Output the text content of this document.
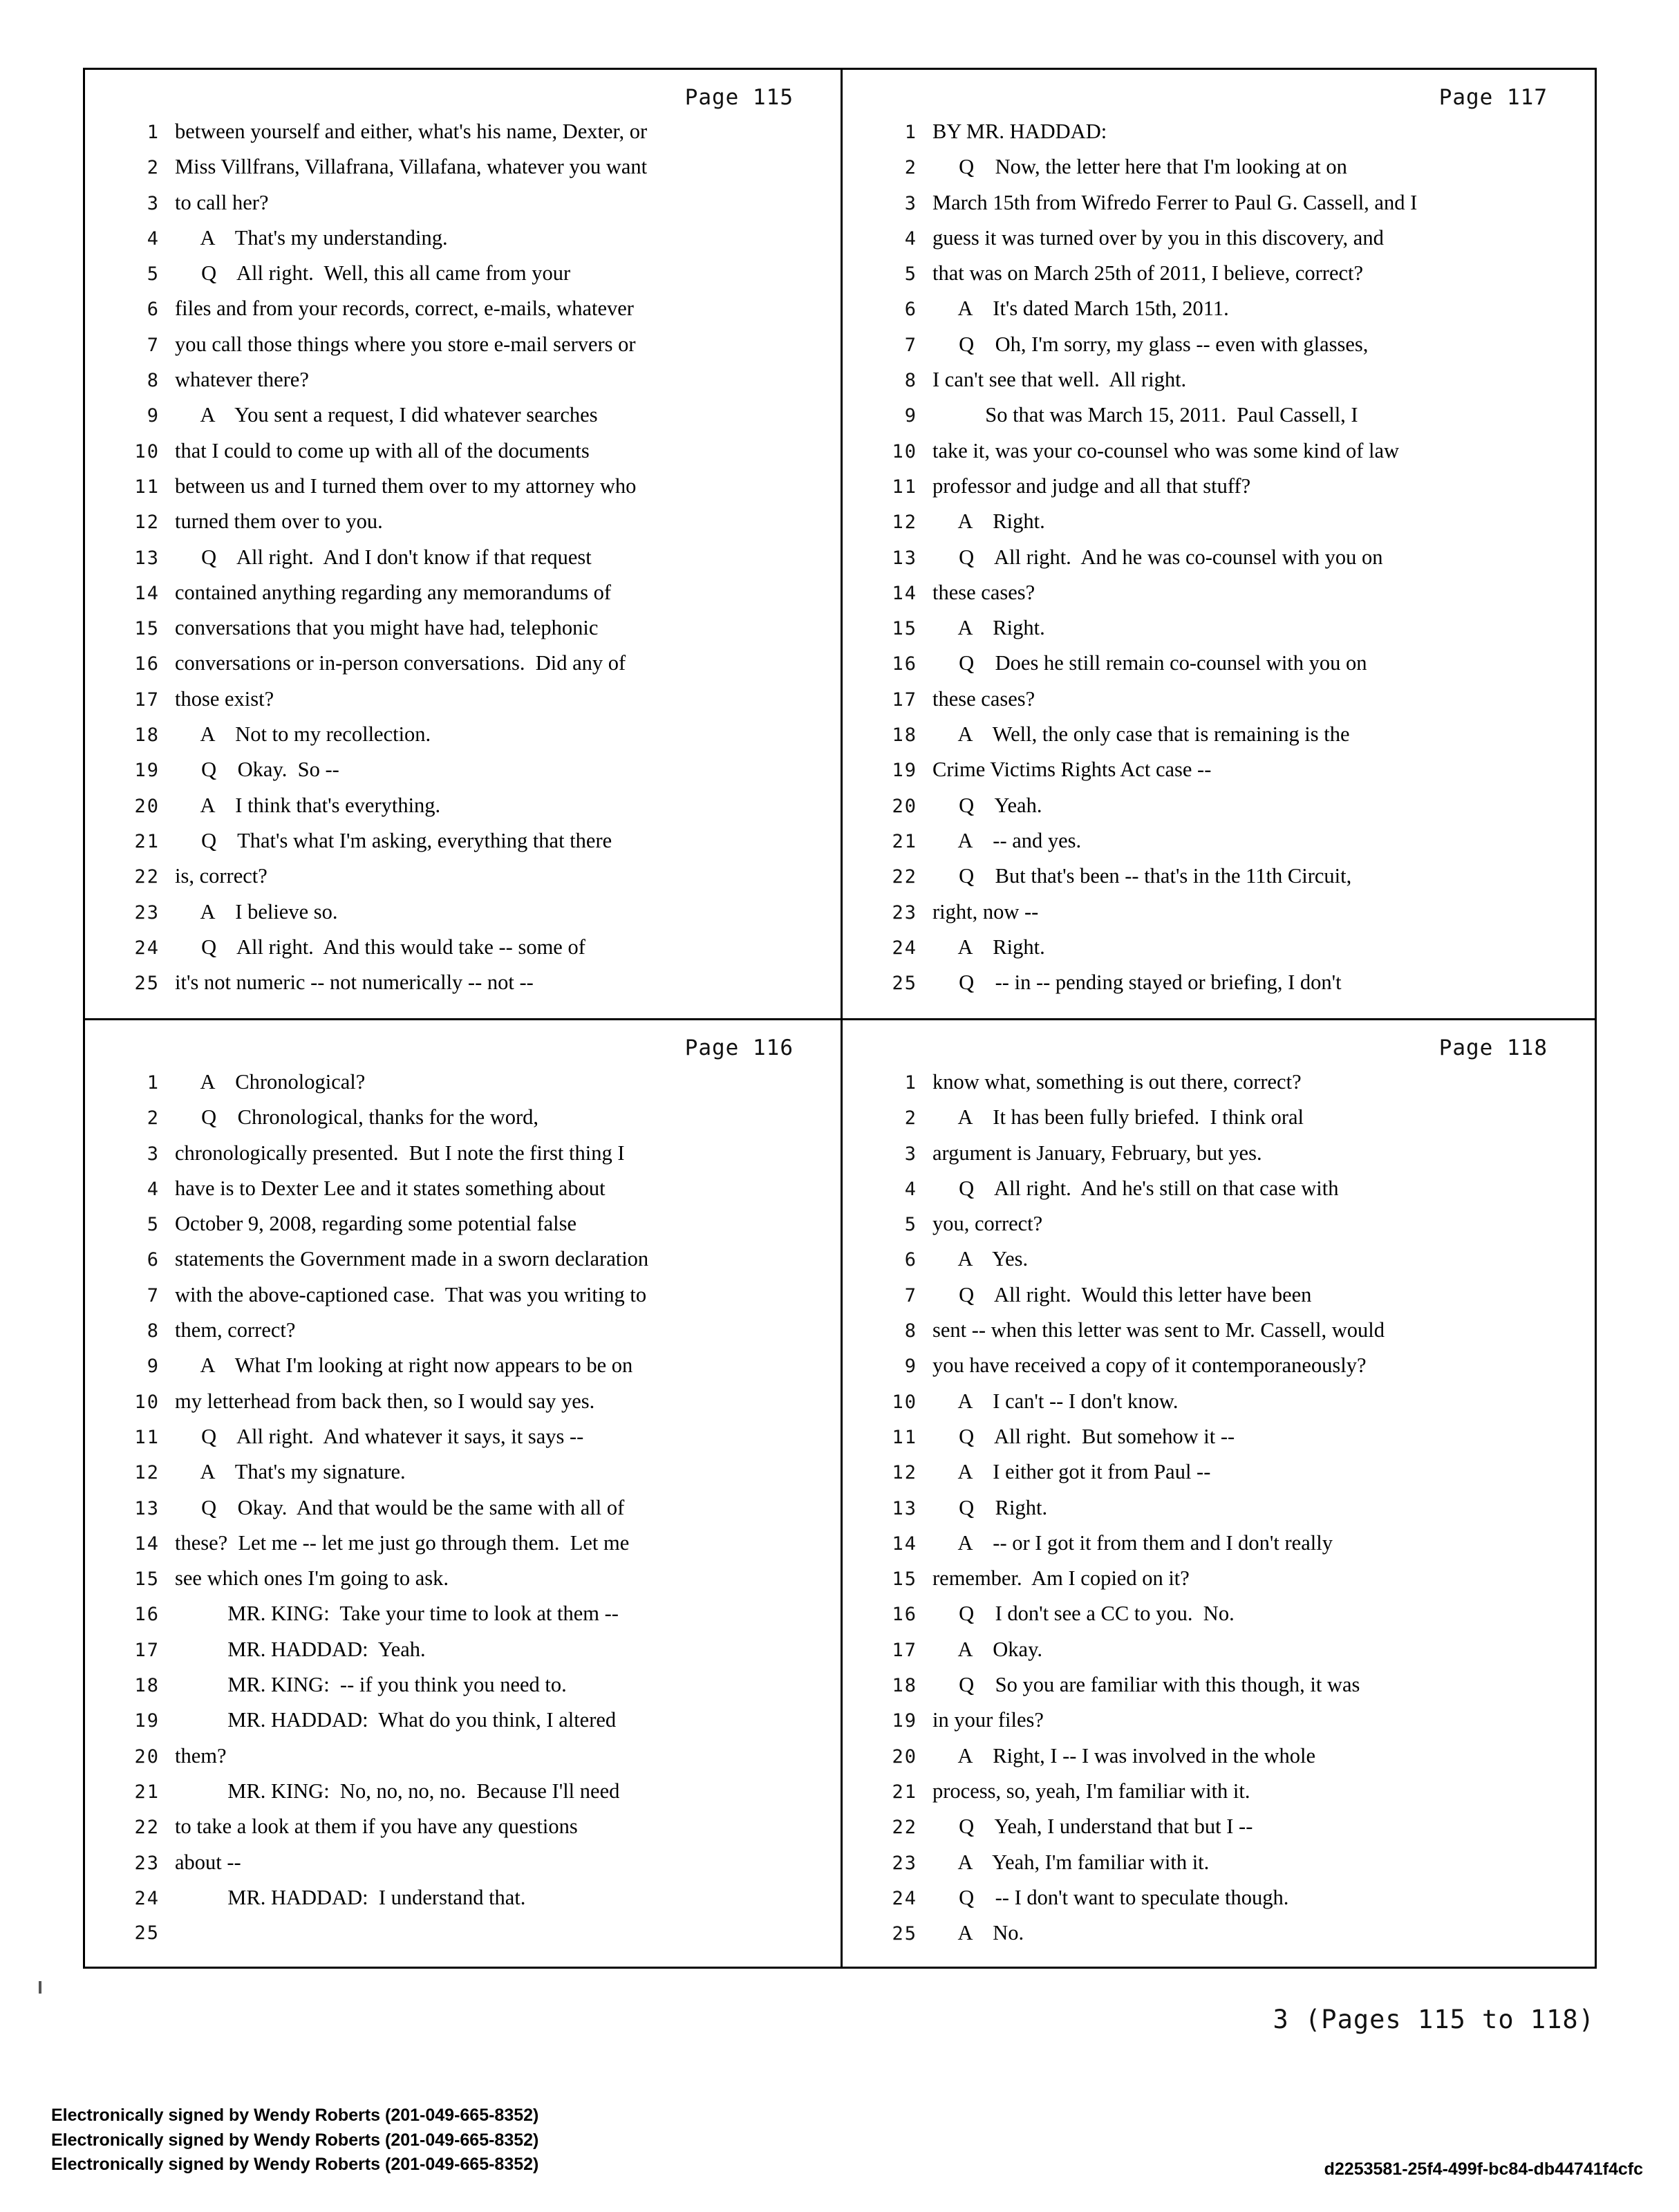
Page 115
1 between yourself and either, what's his name, Dexter, or
2 Miss Villfrans, Villafrana, Villafana, whatever you want
3 to call her?
4 A    That's my understanding.
5 Q    All right.  Well, this all came from your
6 files and from your records, correct, e-mails, whatever
7 you call those things where you store e-mail servers or
8 whatever there?
9 A    You sent a request, I did whatever searches
10 that I could to come up with all of the documents
11 between us and I turned them over to my attorney who
12 turned them over to you.
13 Q    All right.  And I don't know if that request
14 contained anything regarding any memorandums of
15 conversations that you might have had, telephonic
16 conversations or in-person conversations.  Did any of
17 those exist?
18 A    Not to my recollection.
19 Q    Okay.  So --
20 A    I think that's everything.
21 Q    That's what I'm asking, everything that there
22 is, correct?
23 A    I believe so.
24 Q    All right.  And this would take -- some of
25 it's not numeric -- not numerically -- not --
Page 117
1 BY MR. HADDAD:
2 Q    Now, the letter here that I'm looking at on
3 March 15th from Wifredo Ferrer to Paul G. Cassell, and I
4 guess it was turned over by you in this discovery, and
5 that was on March 25th of 2011, I believe, correct?
6 A    It's dated March 15th, 2011.
7 Q    Oh, I'm sorry, my glass -- even with glasses,
8 I can't see that well.  All right.
9 So that was March 15, 2011.  Paul Cassell, I
10 take it, was your co-counsel who was some kind of law
11 professor and judge and all that stuff?
12 A    Right.
13 Q    All right.  And he was co-counsel with you on
14 these cases?
15 A    Right.
16 Q    Does he still remain co-counsel with you on
17 these cases?
18 A    Well, the only case that is remaining is the
19 Crime Victims Rights Act case --
20 Q    Yeah.
21 A    -- and yes.
22 Q    But that's been -- that's in the 11th Circuit,
23 right, now --
24 A    Right.
25 Q    -- in -- pending stayed or briefing, I don't
Page 116
1 A    Chronological?
2 Q    Chronological, thanks for the word,
3 chronologically presented.  But I note the first thing I
4 have is to Dexter Lee and it states something about
5 October 9, 2008, regarding some potential false
6 statements the Government made in a sworn declaration
7 with the above-captioned case.  That was you writing to
8 them, correct?
9 A    What I'm looking at right now appears to be on
10 my letterhead from back then, so I would say yes.
11 Q    All right.  And whatever it says, it says --
12 A    That's my signature.
13 Q    Okay.  And that would be the same with all of
14 these?  Let me -- let me just go through them.  Let me
15 see which ones I'm going to ask.
16 MR. KING:  Take your time to look at them --
17 MR. HADDAD:  Yeah.
18 MR. KING:  -- if you think you need to.
19 MR. HADDAD:  What do you think, I altered
20 them?
21 MR. KING:  No, no, no, no.  Because I'll need
22 to take a look at them if you have any questions
23 about --
24 MR. HADDAD:  I understand that.
25
Page 118
1 know what, something is out there, correct?
2 A    It has been fully briefed.  I think oral
3 argument is January, February, but yes.
4 Q    All right.  And he's still on that case with
5 you, correct?
6 A    Yes.
7 Q    All right.  Would this letter have been
8 sent -- when this letter was sent to Mr. Cassell, would
9 you have received a copy of it contemporaneously?
10 A    I can't -- I don't know.
11 Q    All right.  But somehow it --
12 A    I either got it from Paul --
13 Q    Right.
14 A    -- or I got it from them and I don't really
15 remember.  Am I copied on it?
16 Q    I don't see a CC to you.  No.
17 A    Okay.
18 Q    So you are familiar with this though, it was
19 in your files?
20 A    Right, I -- I was involved in the whole
21 process, so, yeah, I'm familiar with it.
22 Q    Yeah, I understand that but I --
23 A    Yeah, I'm familiar with it.
24 Q    -- I don't want to speculate though.
25 A    No.
3 (Pages 115 to 118)
Electronically signed by Wendy Roberts (201-049-665-8352)
Electronically signed by Wendy Roberts (201-049-665-8352)
Electronically signed by Wendy Roberts (201-049-665-8352)	d2253581-25f4-499f-bc84-db44741f4cfc
